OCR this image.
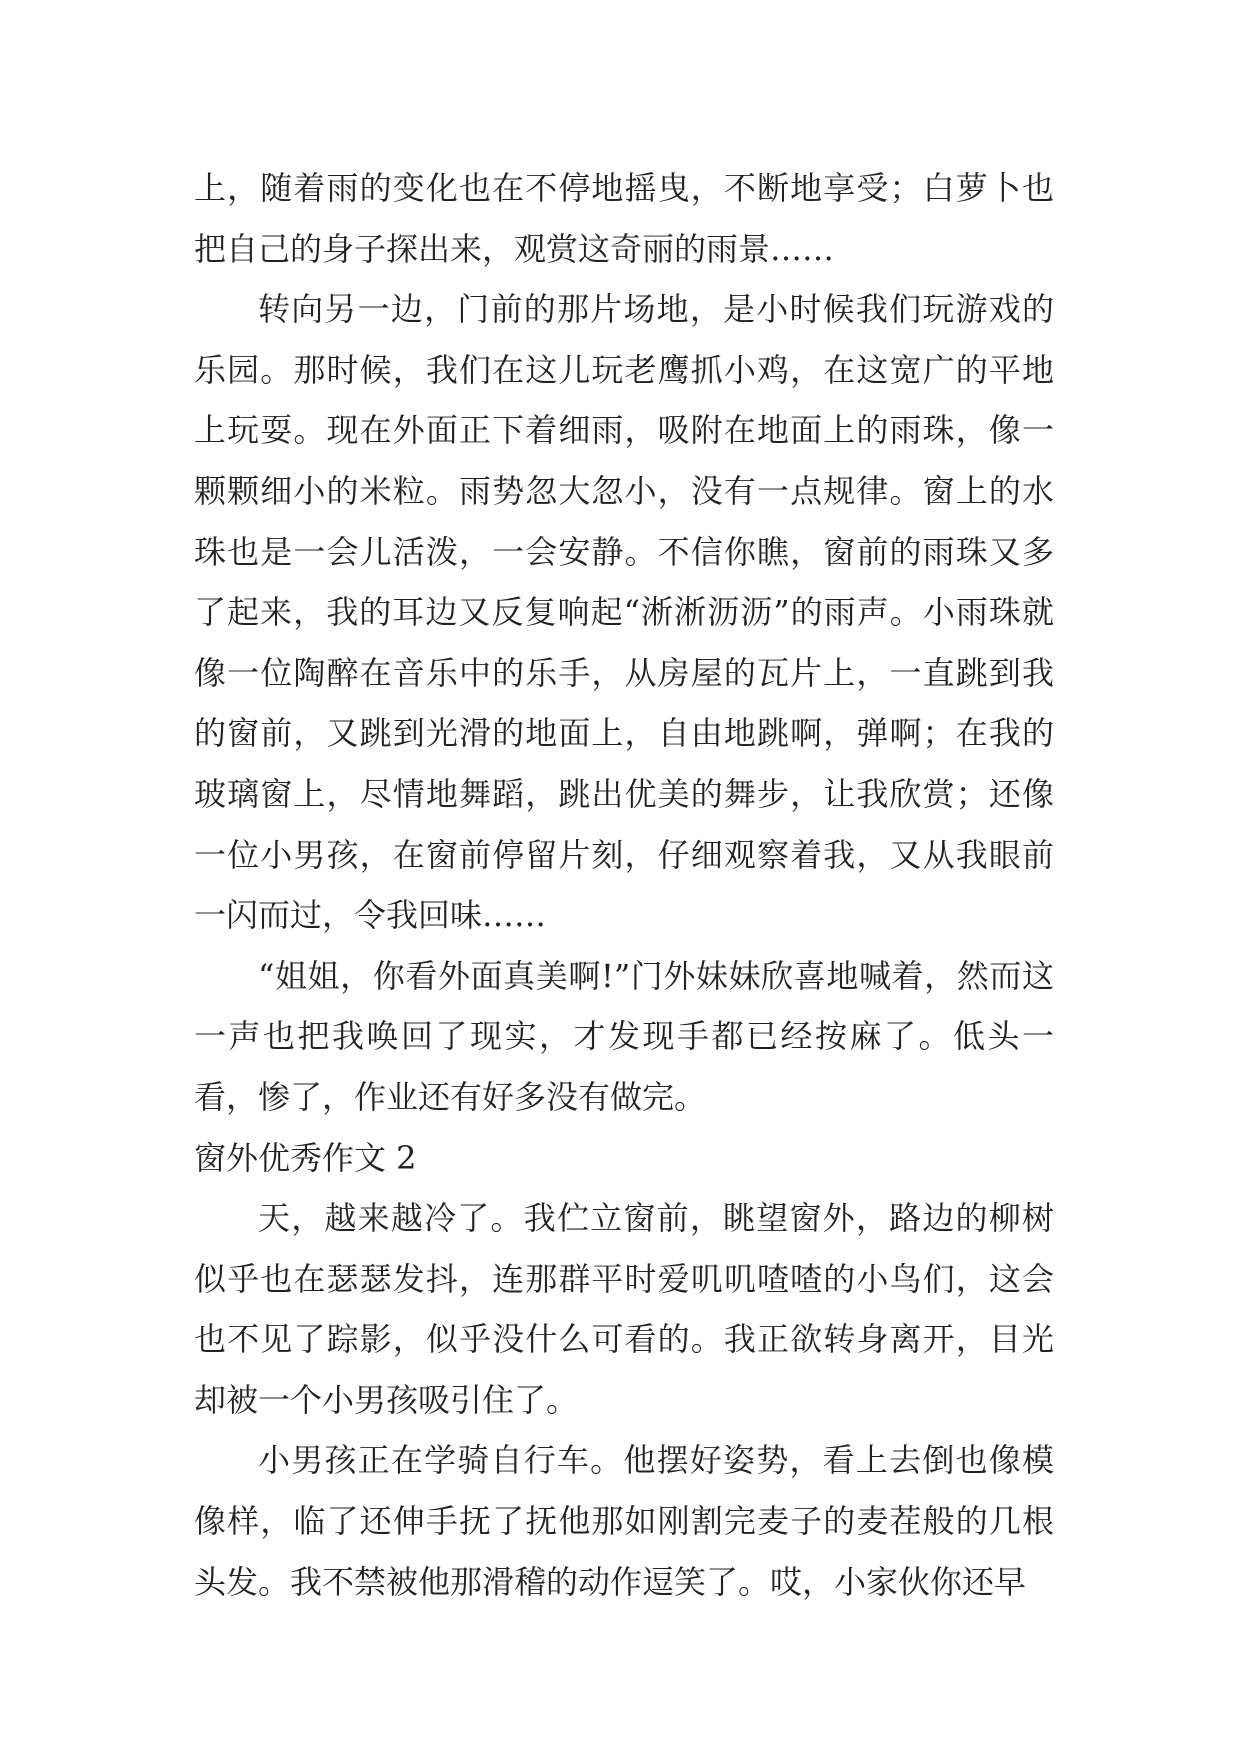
上，随着雨的变化也在不停地摇曳，不断地享受；白萝卜也把自己的身子探出来，观赏这奇丽的雨景……

转向另一边，门前的那片场地，是小时候我们玩游戏的乐园。那时候，我们在这儿玩老鹰抓小鸡，在这宽广的平地上玩耍。现在外面正下着细雨，吸附在地面上的雨珠，像一颗颗细小的米粒。雨势忽大忽小，没有一点规律。窗上的水珠也是一会儿活泼，一会安静。不信你瞧，窗前的雨珠又多了起来，我的耳边又反复响起“淅淅沥沥”的雨声。小雨珠就像一位陶醉在音乐中的乐手，从房屋的瓦片上，一直跳到我的窗前，又跳到光滑的地面上，自由地跳啊，弹啊；在我的玻璃窗上，尽情地舞蹈，跳出优美的舞步，让我欣赏；还像一位小男孩，在窗前停留片刻，仔细观察着我，又从我眼前一闪而过，令我回味……

“姐姐，你看外面真美啊!”门外妹妹欣喜地喊着，然而这一声也把我唤回了现实，才发现手都已经按麻了。低头一看，惨了，作业还有好多没有做完。

窗外优秀作文 2

天，越来越冷了。我伫立窗前，眺望窗外，路边的柳树似乎也在瑟瑟发抖，连那群平时爱叽叽喳喳的小鸟们，这会也不见了踪影，似乎没什么可看的。我正欲转身离开，目光却被一个小男孩吸引住了。

小男孩正在学骑自行车。他摆好姿势，看上去倒也像模像样，临了还伸手抚了抚他那如刚割完麦子的麦茬般的几根头发。我不禁被他那滑稽的动作逗笑了。哎，小家伙你还早
